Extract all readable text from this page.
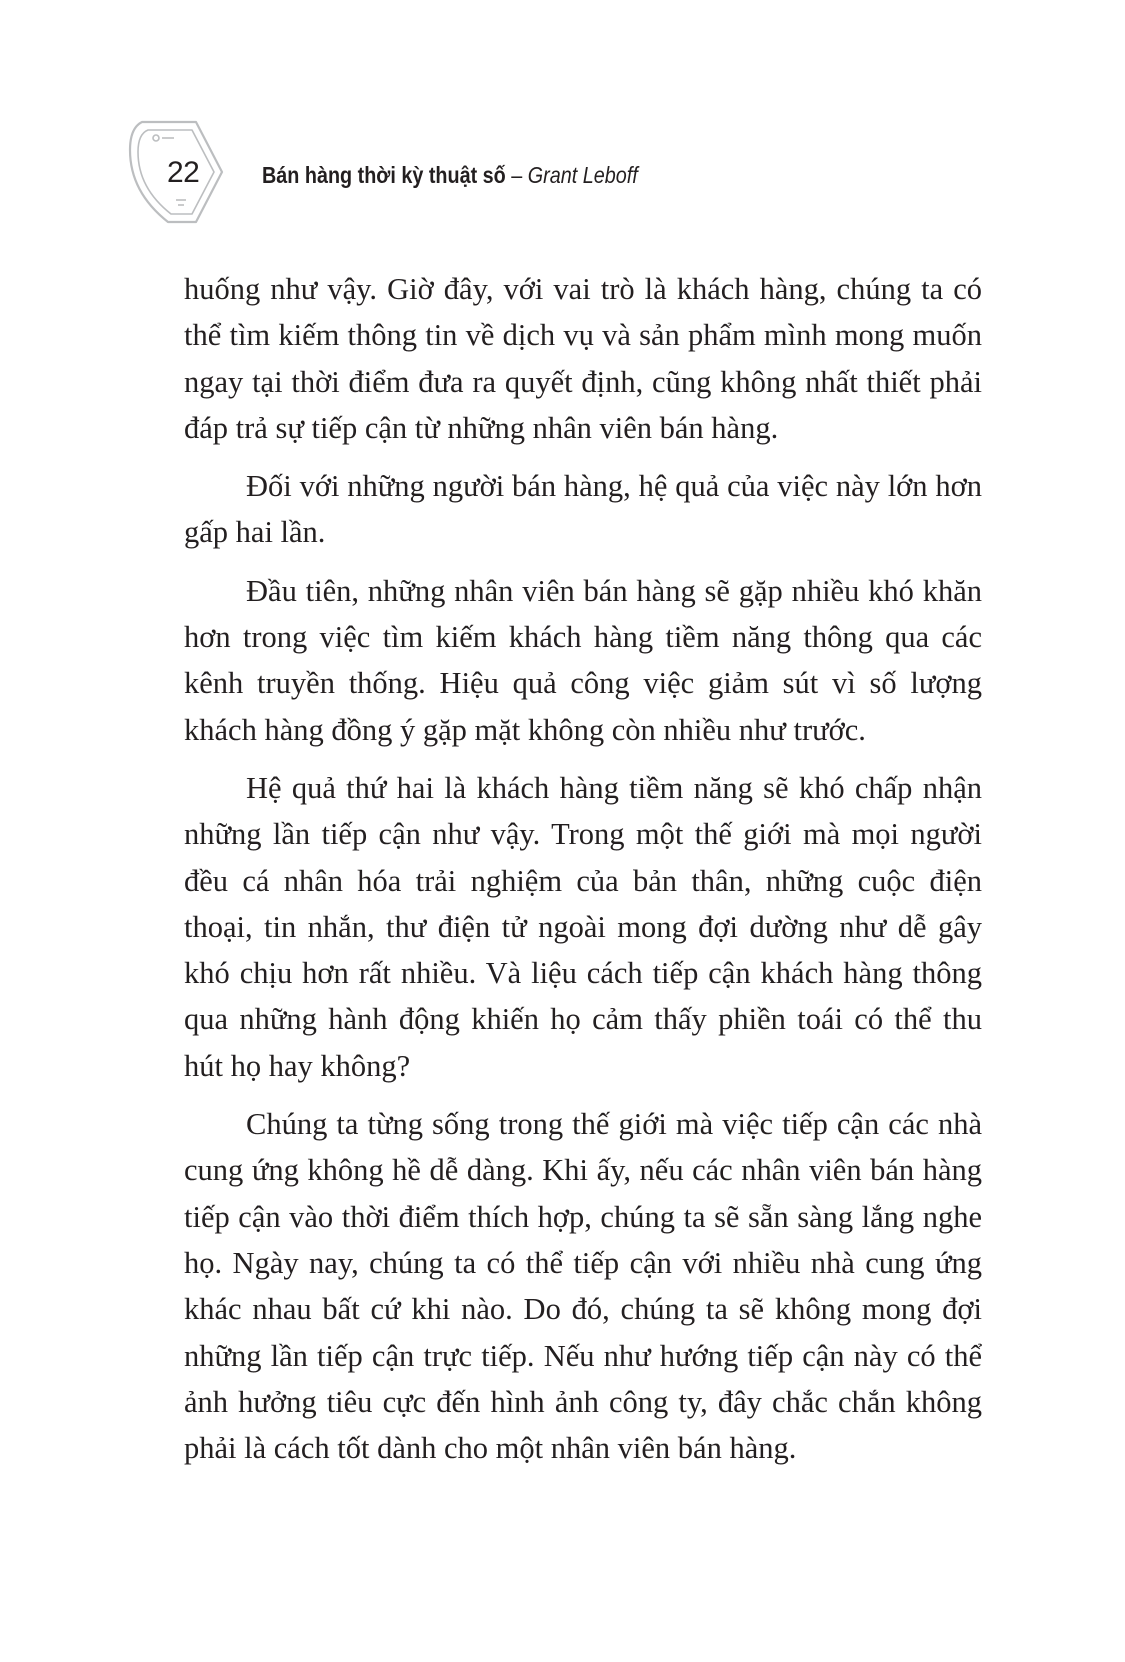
22	Bán hàng thời kỳ thuật số – Grant Leboff

huống như vậy. Giờ đây, với vai trò là khách hàng, chúng ta có thể tìm kiếm thông tin về dịch vụ và sản phẩm mình mong muốn ngay tại thời điểm đưa ra quyết định, cũng không nhất thiết phải đáp trả sự tiếp cận từ những nhân viên bán hàng.

Đối với những người bán hàng, hệ quả của việc này lớn hơn gấp hai lần.

Đầu tiên, những nhân viên bán hàng sẽ gặp nhiều khó khăn hơn trong việc tìm kiếm khách hàng tiềm năng thông qua các kênh truyền thống. Hiệu quả công việc giảm sút vì số lượng khách hàng đồng ý gặp mặt không còn nhiều như trước.

Hệ quả thứ hai là khách hàng tiềm năng sẽ khó chấp nhận những lần tiếp cận như vậy. Trong một thế giới mà mọi người đều cá nhân hóa trải nghiệm của bản thân, những cuộc điện thoại, tin nhắn, thư điện tử ngoài mong đợi dường như dễ gây khó chịu hơn rất nhiều. Và liệu cách tiếp cận khách hàng thông qua những hành động khiến họ cảm thấy phiền toái có thể thu hút họ hay không?

Chúng ta từng sống trong thế giới mà việc tiếp cận các nhà cung ứng không hề dễ dàng. Khi ấy, nếu các nhân viên bán hàng tiếp cận vào thời điểm thích hợp, chúng ta sẽ sẵn sàng lắng nghe họ. Ngày nay, chúng ta có thể tiếp cận với nhiều nhà cung ứng khác nhau bất cứ khi nào. Do đó, chúng ta sẽ không mong đợi những lần tiếp cận trực tiếp. Nếu như hướng tiếp cận này có thể ảnh hưởng tiêu cực đến hình ảnh công ty, đây chắc chắn không phải là cách tốt dành cho một nhân viên bán hàng.
